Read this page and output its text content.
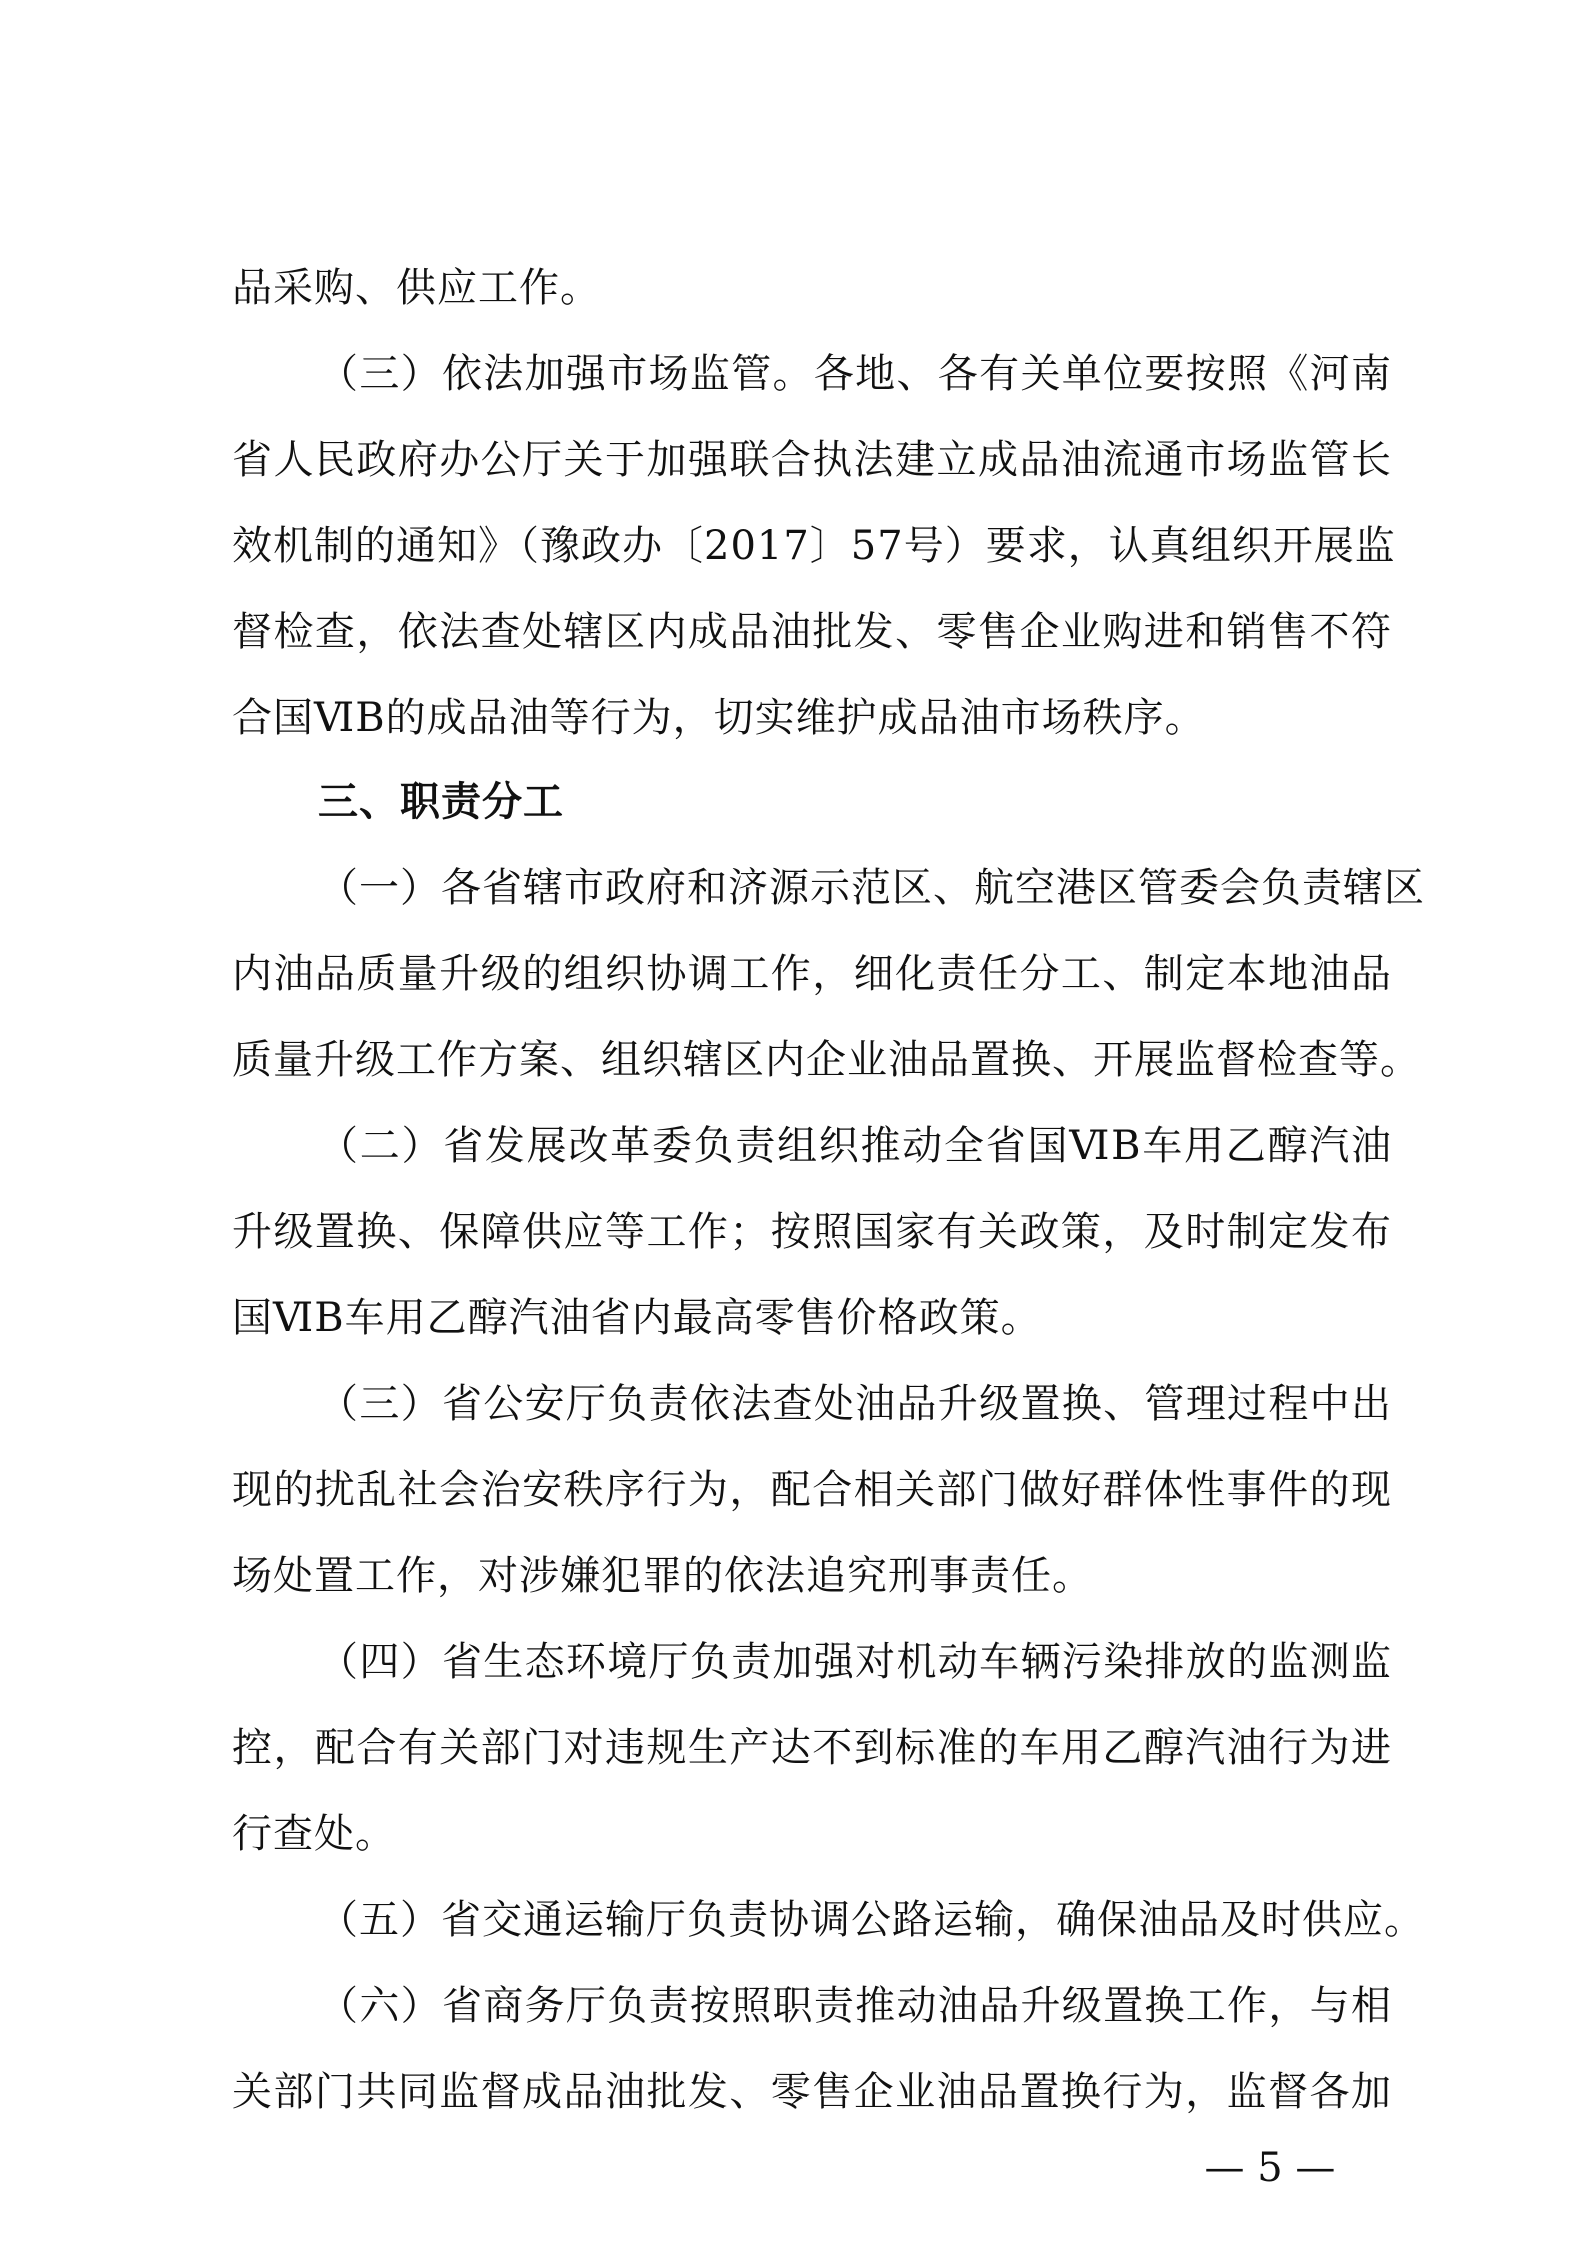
品采购、供应工作。
（三）依法加强市场监管。各地、各有关单位要按照《河南
省人民政府办公厅关于加强联合执法建立成品油流通市场监管长
效机制的通知》（豫政办〔2017〕57号）要求，认真组织开展监
督检查，依法查处辖区内成品油批发、零售企业购进和销售不符
合国ⅥB的成品油等行为，切实维护成品油市场秩序。
三、职责分工
（一）各省辖市政府和济源示范区、航空港区管委会负责辖区
内油品质量升级的组织协调工作，细化责任分工、制定本地油品
质量升级工作方案、组织辖区内企业油品置换、开展监督检查等。
（二）省发展改革委负责组织推动全省国ⅥB车用乙醇汽油
升级置换、保障供应等工作；按照国家有关政策，及时制定发布
国ⅥB车用乙醇汽油省内最高零售价格政策。
（三）省公安厅负责依法查处油品升级置换、管理过程中出
现的扰乱社会治安秩序行为，配合相关部门做好群体性事件的现
场处置工作，对涉嫌犯罪的依法追究刑事责任。
（四）省生态环境厅负责加强对机动车辆污染排放的监测监
控，配合有关部门对违规生产达不到标准的车用乙醇汽油行为进
行查处。
（五）省交通运输厅负责协调公路运输，确保油品及时供应。
（六）省商务厅负责按照职责推动油品升级置换工作，与相
关部门共同监督成品油批发、零售企业油品置换行为，监督各加
— 5 —
